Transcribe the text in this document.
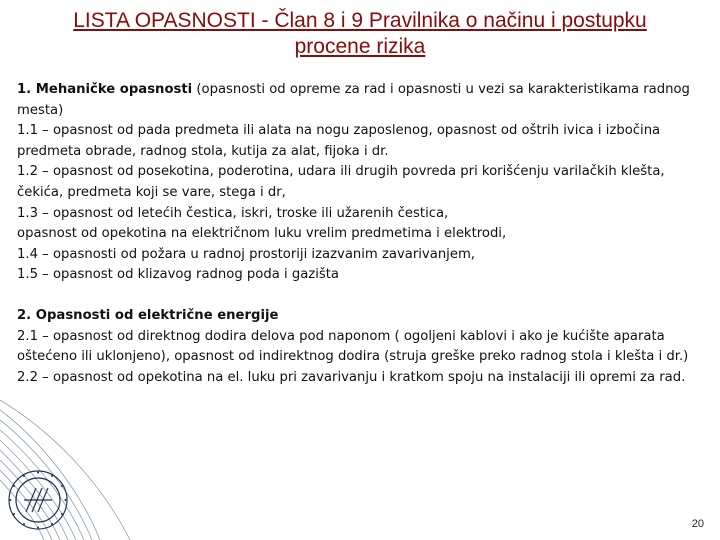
LISTA OPASNOSTI - Član 8 i 9 Pravilnika o načinu i postupku procene rizika

1. Mehaničke opasnosti (opasnosti od opreme za rad i opasnosti u vezi sa karakteristikama radnog mesta)

1.1 – opasnost od pada predmeta ili alata na nogu zaposlenog, opasnost od oštrih ivica i izbočina predmeta obrade, radnog stola, kutija za alat, fijoka i dr.

1.2 – opasnost od posekotina, poderotina, udara ili drugih povreda pri korišćenju varilačkih klešta, čekića, predmeta koji se vare, stega i dr,

1.3 – opasnost od letećih čestica, iskri, troske ili užarenih čestica,

opasnost od opekotina na električnom luku vrelim predmetima i elektrodi,

1.4 – opasnosti od požara u radnoj prostoriji izazvanim zavarivanjem,

1.5 – opasnost od klizavog radnog poda i gazišta

2. Opasnosti od električne energije

2.1 – opasnost od direktnog dodira delova pod naponom ( ogoljeni kablovi i ako je kućište aparata oštećeno ili uklonjeno), opasnost od indirektnog dodira (struja greške preko radnog stola i klešta i dr.)

2.2 – opasnost od opekotina na el. luku pri zavarivanju i kratkom spoju na instalaciji ili opremi za rad.

20
